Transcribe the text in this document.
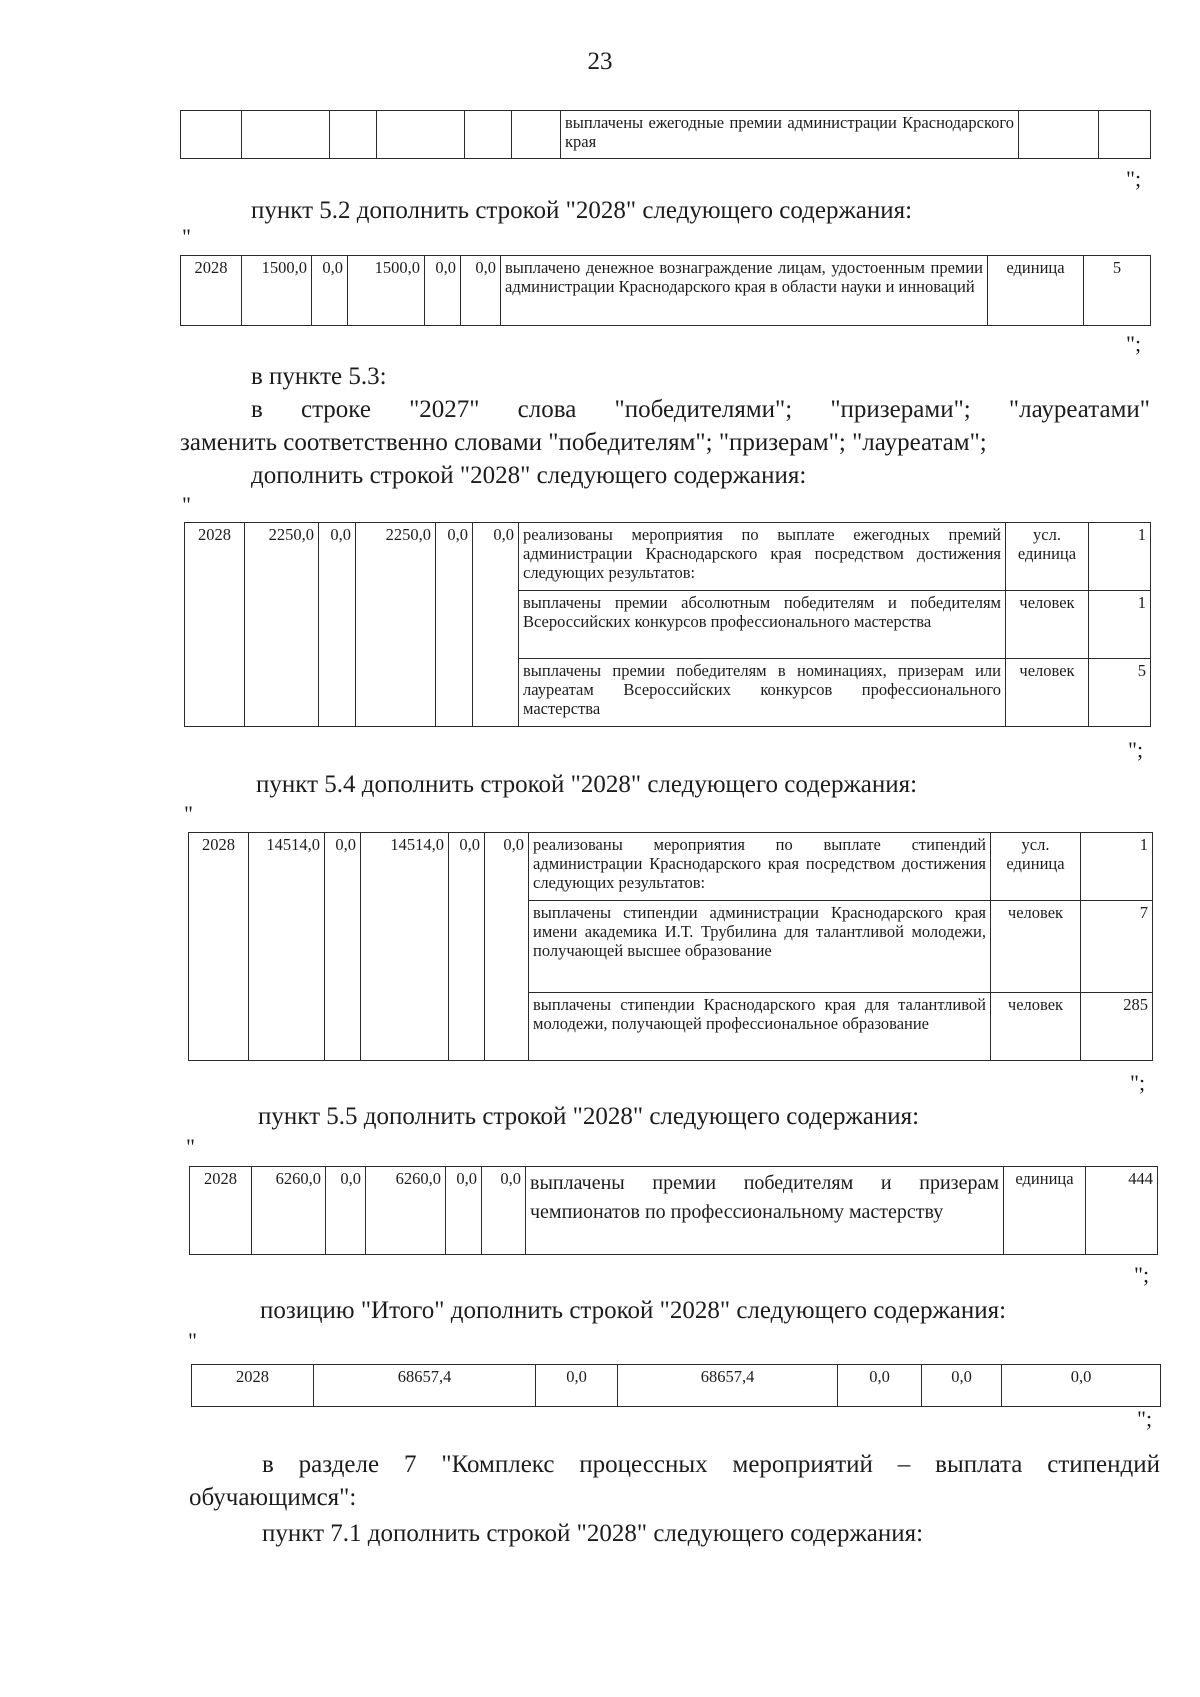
23
						выплачены ежегодные премии администрации Краснодарского края		
";

пункт 5.2 дополнить строкой "2028" следующего содержания:

"
2028	1500,0	0,0	1500,0	0,0	0,0	выплачено денежное вознаграждение лицам, удостоенным премии администрации Краснодарского края в области науки и инноваций	единица	5
";

в пункте 5.3:

в строке "2027" слова "победителями"; "призерами"; "лауреатами"

заменить соответственно словами "победителям"; "призерам"; "лауреатам";

дополнить строкой "2028" следующего содержания:

"
2028	2250,0	0,0	2250,0	0,0	0,0	реализованы мероприятия по выплате ежегодных премий администрации Краснодарского края посредством достижения следующих результатов:	усл. единица	1
						выплачены премии абсолютным победителям и победителям Всероссийских конкурсов профессионального мастерства	человек	1
						выплачены премии победителям в номинациях, призерам или лауреатам Всероссийских конкурсов профессионального мастерства	человек	5
";

пункт 5.4 дополнить строкой "2028" следующего содержания:

"
2028	14514,0	0,0	14514,0	0,0	0,0	реализованы мероприятия по выплате стипендий администрации Краснодарского края посредством достижения следующих результатов:	усл. единица	1
						выплачены стипендии администрации Краснодарского края имени академика И.Т. Трубилина для талантливой молодежи, получающей высшее образование	человек	7
						выплачены стипендии Краснодарского края для талантливой молодежи, получающей профессиональное образование	человек	285
";

пункт 5.5 дополнить строкой "2028" следующего содержания:

"
2028	6260,0	0,0	6260,0	0,0	0,0	выплачены премии победителям и призерам чемпионатов по профессиональному мастерству	единица	444
";

позицию "Итого" дополнить строкой "2028" следующего содержания:

"
2028	68657,4	0,0	68657,4	0,0	0,0	0,0
";

в разделе 7 "Комплекс процессных мероприятий – выплата стипендий

обучающимся":

пункт 7.1 дополнить строкой "2028" следующего содержания:
